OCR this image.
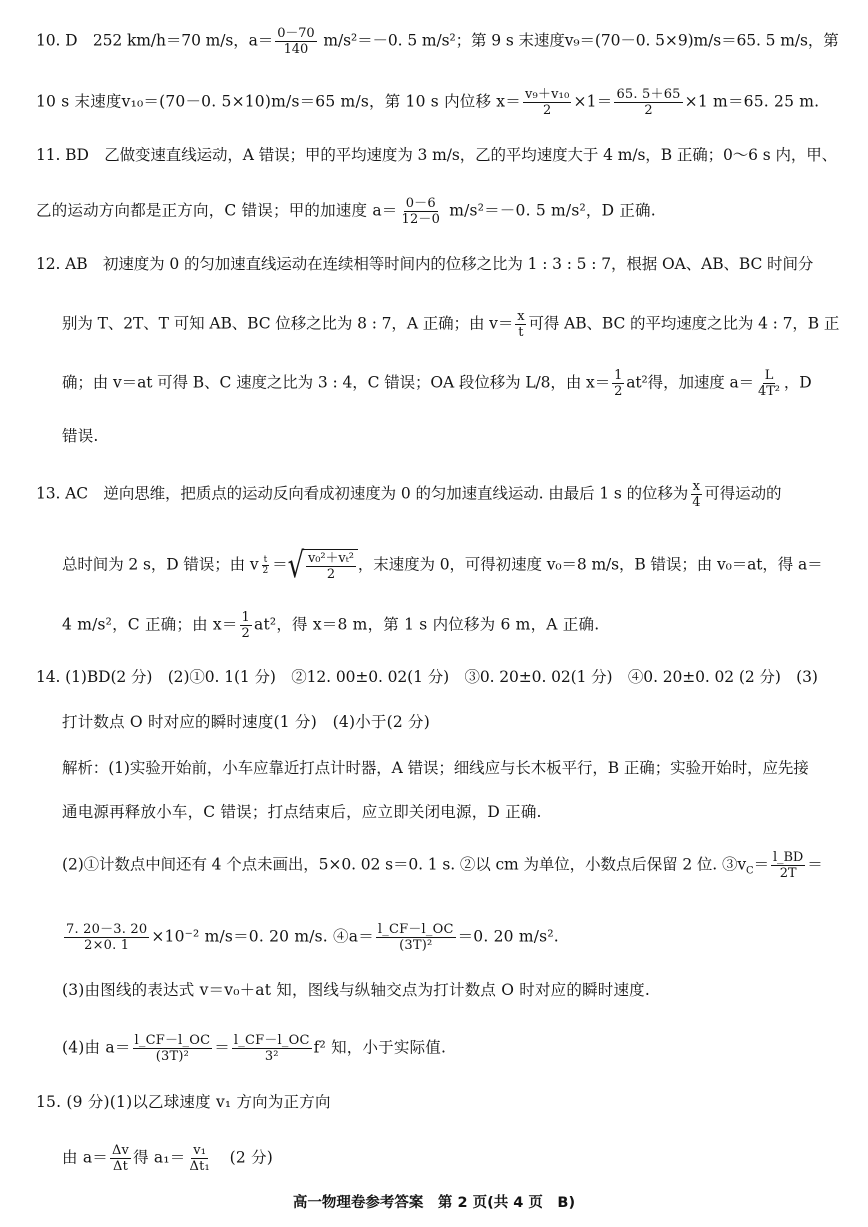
10. D　252 km/h＝70 m/s，$a= \frac{0-70}{140} m/s^2=-0$. 5 m/s²；第 9 s 末速度v₉＝(70－0. 5×9)m/s＝65. 5 m/s，第
10 s 末速度v₁₀＝(70－0. 5×10)m/s＝65 m/s，第 10 s 内位移 $x= \frac{\text{v₉＋v₁₀}}{2} \times 1= \frac{65. 5+65}{2} \times 1$ m＝65. 25 m.
11. BD　乙做变速直线运动，A 错误；甲的平均速度为 3 m/s，乙的平均速度大于 4 m/s，B 正确；0～6 s 内，甲、
乙的运动方向都是正方向，C 错误；甲的加速度 $a= \frac{0-6}{12-0} m/s^2=-0$. 5 m/s²，D 正确.
12. AB　初速度为 0 的匀加速直线运动在连续相等时间内的位移之比为 1 : 3 : 5 : 7，根据 OA、AB、BC 时间分
别为 T、2T、T 可知 AB、BC 位移之比为 8 : 7，A 正确；由 $v= \frac{x}{t}$ 可得 AB、BC 的平均速度之比为 4 : 7，B 正
确；由 v＝at 可得 B、C 速度之比为 3 : 4，C 错误；OA 段位移为 L/8，由 $x= \frac{1}{2} at^2$得，加速度 $a= \frac{L}{\text{4T²}}$ ，D
错误.
13. AC　逆向思维，把质点的运动反向看成初速度为 0 的匀加速直线运动. 由最后 1 s 的位移为 $\frac{x}{4}$ 可得运动的
总时间为 2 s，D 错误；由 v $\frac{t}{2}$ ＝ √ $\frac{\text{v₀²＋vₜ²}}{2}$ ，末速度为 0，可得初速度 v₀＝8 m/s，B 错误；由 v₀＝at，得 a＝
4 m/s²，C 正确；由 $x= \frac{1}{2} at^2$，得 x＝8 m，第 1 s 内位移为 6 m，A 正确.
14. (1)BD(2 分)　(2)①0. 1(1 分)　②12. 00±0. 02(1 分)　③0. 20±0. 02(1 分)　④0. 20±0. 02 (2 分)　(3)
打计数点 O 时对应的瞬时速度(1 分)　(4)小于(2 分)
解析：(1)实验开始前，小车应靠近打点计时器，A 错误；细线应与长木板平行，B 正确；实验开始时，应先接
通电源再释放小车，C 错误；打点结束后，应立即关闭电源，D 正确.
(2)①计数点中间还有 4 个点未画出，5×0. 02 s＝0. 1 s. ②以 cm 为单位，小数点后保留 2 位. $③v_C= \frac{l\_BD}{2T}$ ＝
$\frac{7. 20-3. 20}{2\times 0. 1} \times 10^{-2}$ m/s＝0. 20 m/s. ④a＝ $\frac{l\_CF-l\_OC}{\text{(3T)²}} =0$. 20 m/s².
(3)由图线的表达式 v＝v₀＋at 知，图线与纵轴交点为打计数点 O 时对应的瞬时速度.
(4)由 $a= \frac{l\_CF-l\_OC}{\text{(3T)²}} = \frac{l\_CF-l\_OC}{\text{3²}} f^2$ 知，小于实际值.
15. (9 分)(1)以乙球速度 v₁ 方向为正方向
由 $a= \frac{\Delta v}{\Delta t}$ 得 $a_1= \frac{\text{v₁}}{\text{Δt₁}}$ 　(2 分)
高一物理卷参考答案　 第 2 页(共 4 页　B)
